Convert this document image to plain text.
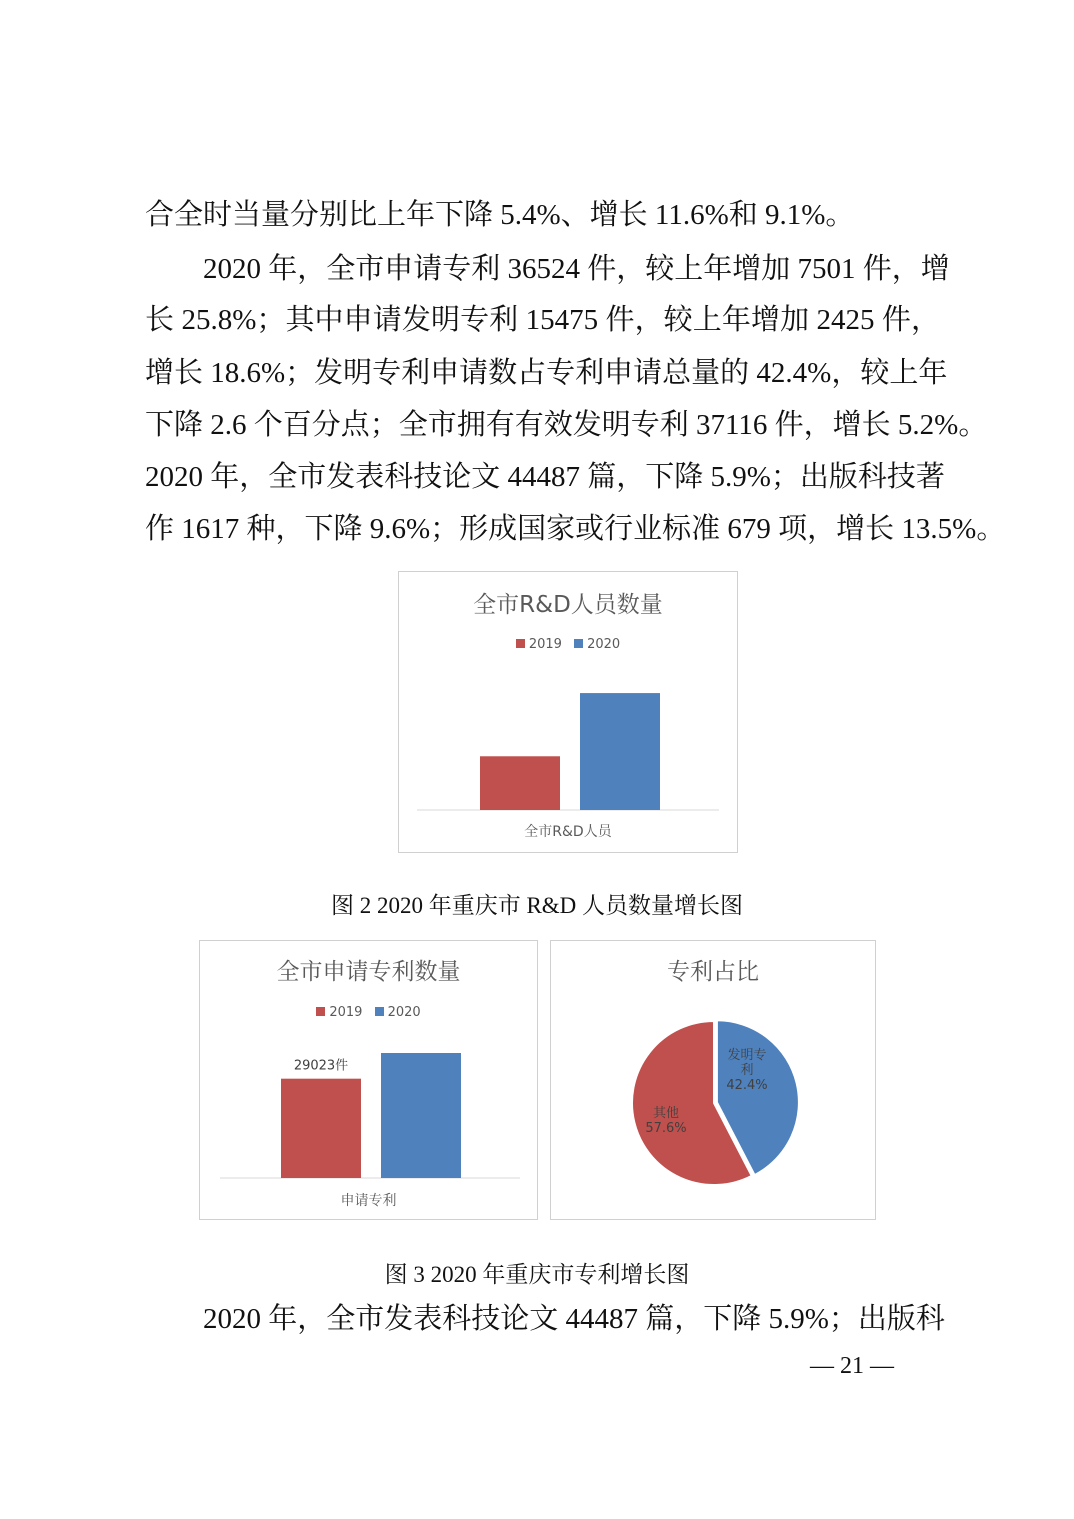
合全时当量分别比上年下降 5.4%、增长 11.6%和 9.1%。
2020 年，全市申请专利 36524 件，较上年增加 7501 件，增
长 25.8%；其中申请发明专利 15475 件，较上年增加 2425 件，
增长 18.6%；发明专利申请数占专利申请总量的 42.4%，较上年
下降 2.6 个百分点；全市拥有有效发明专利 37116 件，增长 5.2%。
2020 年，全市发表科技论文 44487 篇，下降 5.9%；出版科技著
作 1617 种，下降 9.6%；形成国家或行业标准 679 项，增长 13.5%。
全市R&D人员数量
2019 2020
全市R&D人员
图 2 2020 年重庆市 R&D 人员数量增长图
全市申请专利数量
2019 2020
29023件
申请专利
专利占比
发明专
利
42.4%
其他
57.6%
图 3 2020 年重庆市专利增长图
2020 年，全市发表科技论文 44487 篇，下降 5.9%；出版科
— 21 —
